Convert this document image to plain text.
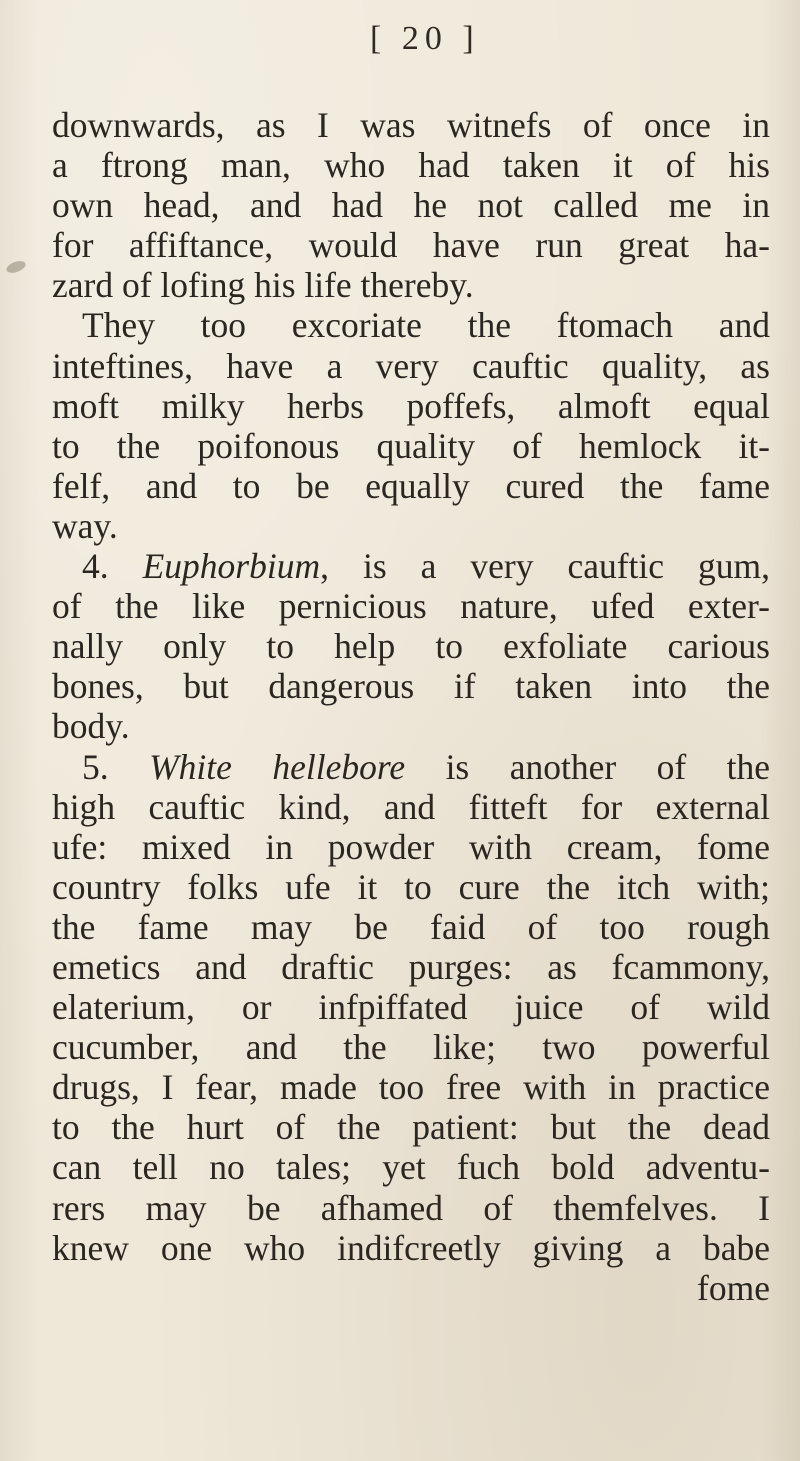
[ 20 ]
downwards, as I was witnefs of once in
a ftrong man, who had taken it of his
own head, and had he not called me in
for affiftance, would have run great ha-
zard of lofing his life thereby.
They too excoriate the ftomach and
inteftines, have a very cauftic quality, as
moft milky herbs poffefs, almoft equal
to the poifonous quality of hemlock it-
felf, and to be equally cured the fame
way.
4. Euphorbium, is a very cauftic gum,
of the like pernicious nature, ufed exter-
nally only to help to exfoliate carious
bones, but dangerous if taken into the
body.
5. White hellebore is another of the
high cauftic kind, and fitteft for external
ufe: mixed in powder with cream, fome
country folks ufe it to cure the itch with;
the fame may be faid of too rough
emetics and draftic purges: as fcammony,
elaterium, or infpiffated juice of wild
cucumber, and the like; two powerful
drugs, I fear, made too free with in practice
to the hurt of the patient: but the dead
can tell no tales; yet fuch bold adventu-
rers may be afhamed of themfelves. I
knew one who indifcreetly giving a babe
fome
